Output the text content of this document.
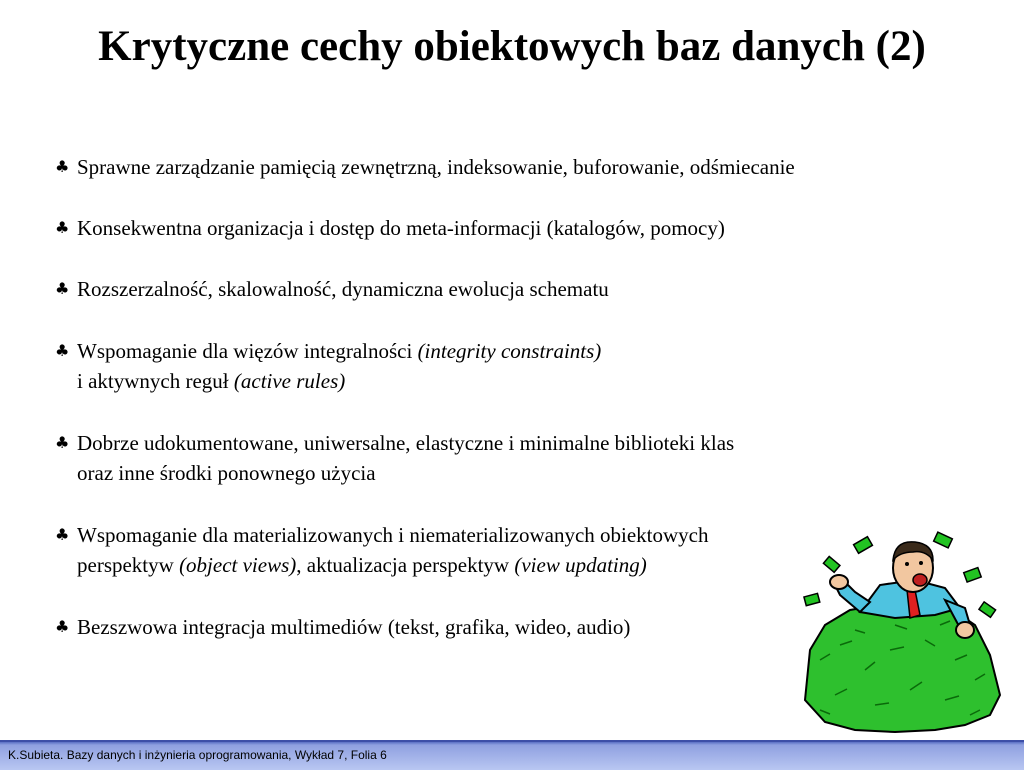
Krytyczne cechy obiektowych baz danych (2)
♣ Sprawne zarządzanie pamięcią zewnętrzną, indeksowanie, buforowanie, odśmiecanie
♣ Konsekwentna organizacja i dostęp do meta-informacji (katalogów, pomocy)
♣ Rozszerzalność, skalowalność, dynamiczna ewolucja schematu
♣ Wspomaganie dla więzów integralności (integrity constraints)
i aktywnych reguł (active rules)
♣ Dobrze udokumentowane, uniwersalne, elastyczne i minimalne biblioteki klas
oraz inne środki ponownego użycia
♣ Wspomaganie dla materializowanych i niematerializowanych obiektowych
perspektyw (object views), aktualizacja perspektyw (view updating)
♣ Bezszwowa integracja multimediów (tekst, grafika, wideo, audio)
K.Subieta. Bazy danych i inżynieria oprogramowania, Wykład 7, Folia 6
